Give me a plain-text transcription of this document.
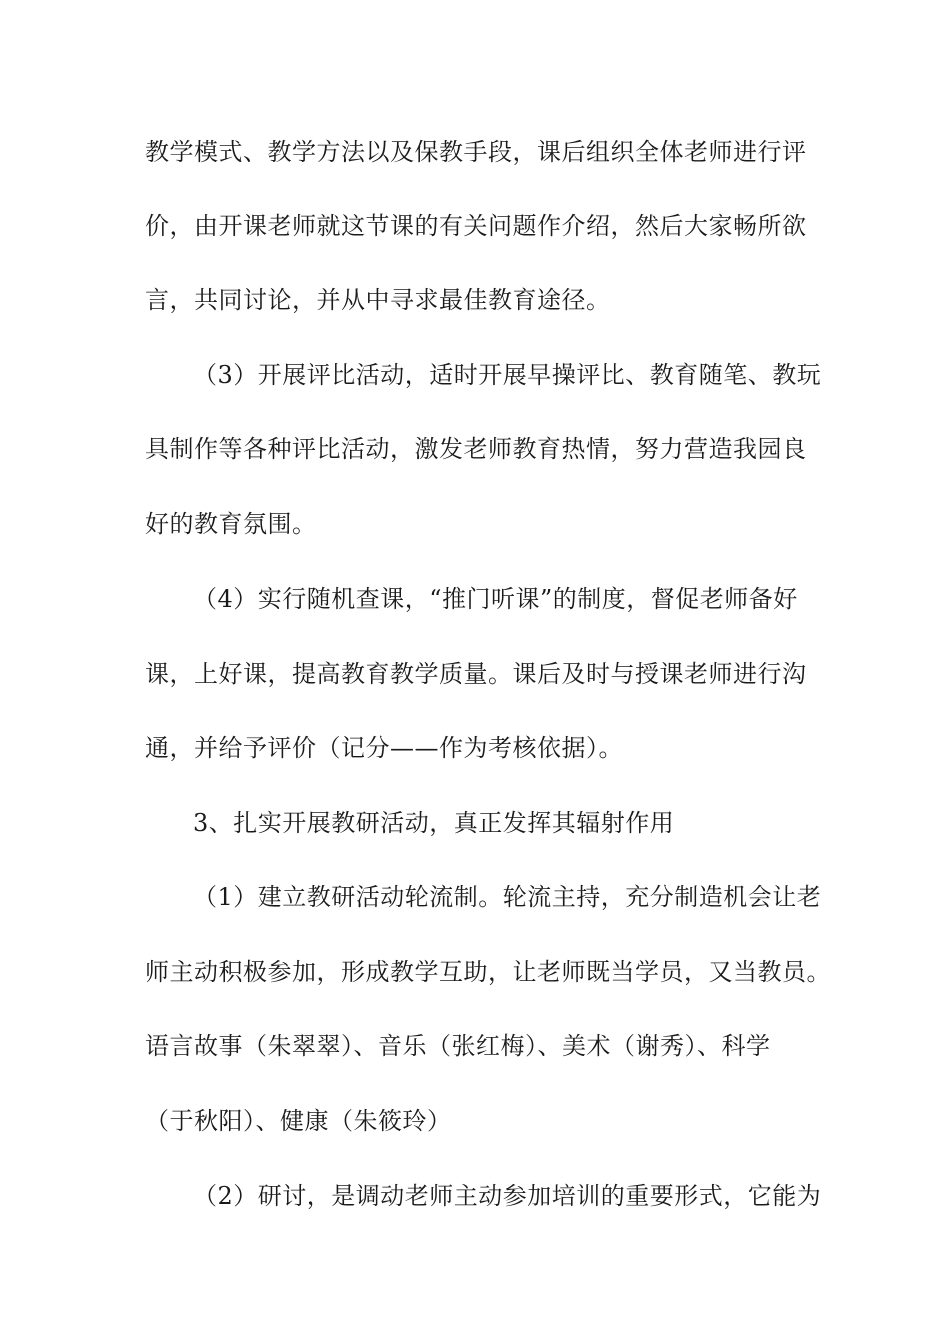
教学模式、教学方法以及保教手段，课后组织全体老师进行评
价，由开课老师就这节课的有关问题作介绍，然后大家畅所欲
言，共同讨论，并从中寻求最佳教育途径。
（3）开展评比活动，适时开展早操评比、教育随笔、教玩
具制作等各种评比活动，激发老师教育热情，努力营造我园良
好的教育氛围。
（4）实行随机查课，“推门听课”的制度，督促老师备好
课，上好课，提高教育教学质量。课后及时与授课老师进行沟
通，并给予评价（记分——作为考核依据）。
3、扎实开展教研活动，真正发挥其辐射作用
（1）建立教研活动轮流制。轮流主持，充分制造机会让老
师主动积极参加，形成教学互助，让老师既当学员，又当教员。
语言故事（朱翠翠）、音乐（张红梅）、美术（谢秀）、科学
（于秋阳）、健康（朱筱玲）
（2）研讨，是调动老师主动参加培训的重要形式，它能为
